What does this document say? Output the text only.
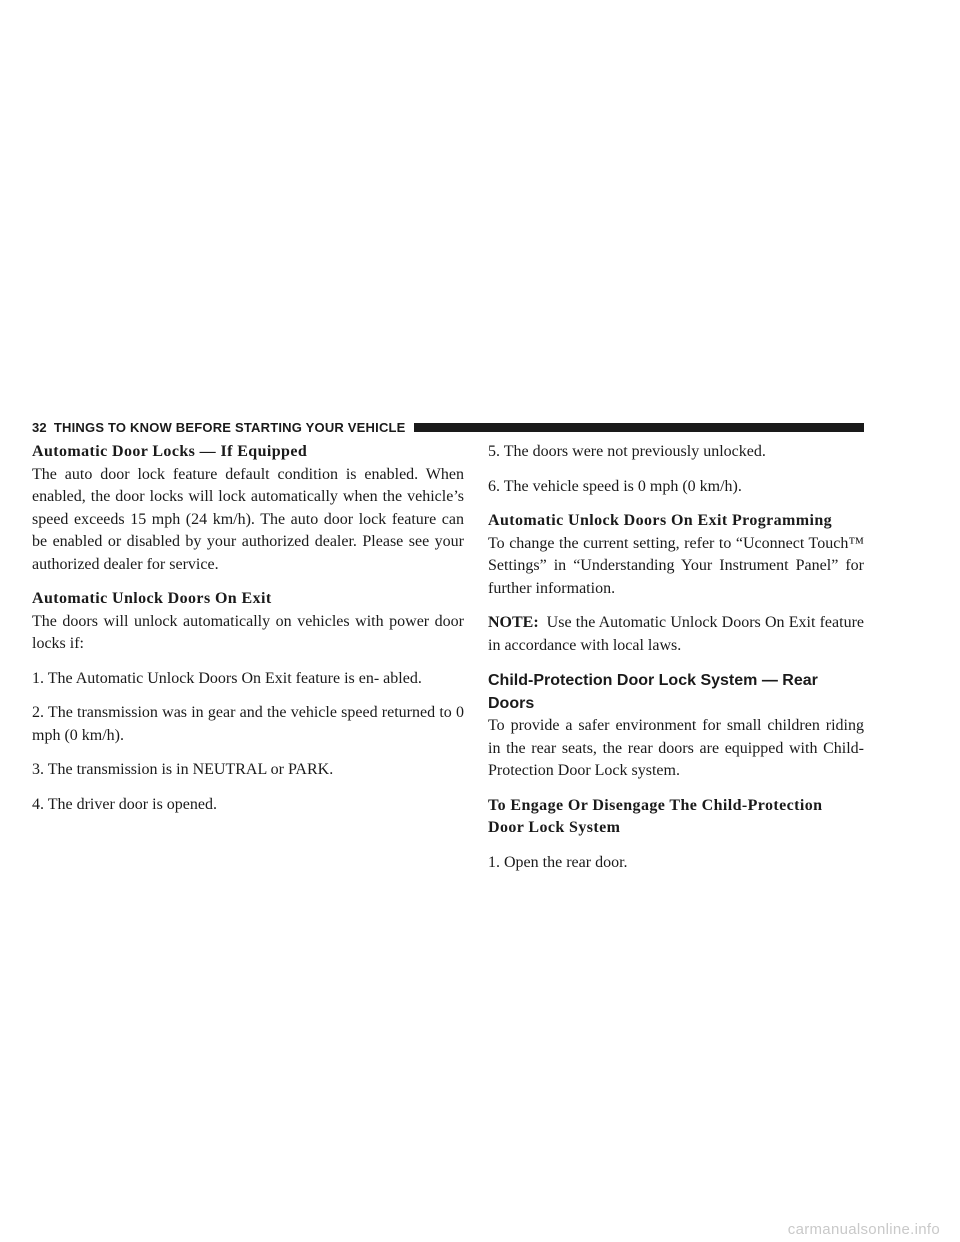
32 THINGS TO KNOW BEFORE STARTING YOUR VEHICLE

Automatic Door Locks — If Equipped

The auto door lock feature default condition is enabled. When enabled, the door locks will lock automatically when the vehicle’s speed exceeds 15 mph (24 km/h). The auto door lock feature can be enabled or disabled by your authorized dealer. Please see your authorized dealer for service.

Automatic Unlock Doors On Exit

The doors will unlock automatically on vehicles with power door locks if:

1. The Automatic Unlock Doors On Exit feature is en- abled.

2. The transmission was in gear and the vehicle speed returned to 0 mph (0 km/h).

3. The transmission is in NEUTRAL or PARK.

4. The driver door is opened.

5. The doors were not previously unlocked.

6. The vehicle speed is 0 mph (0 km/h).

Automatic Unlock Doors On Exit Programming

To change the current setting, refer to “Uconnect Touch™ Settings” in “Understanding Your Instrument Panel” for further information.

NOTE: Use the Automatic Unlock Doors On Exit feature in accordance with local laws.

Child-Protection Door Lock System — Rear Doors

To provide a safer environment for small children riding in the rear seats, the rear doors are equipped with Child-Protection Door Lock system.

To Engage Or Disengage The Child-Protection

Door Lock System

1. Open the rear door.

carmanualsonline.info
